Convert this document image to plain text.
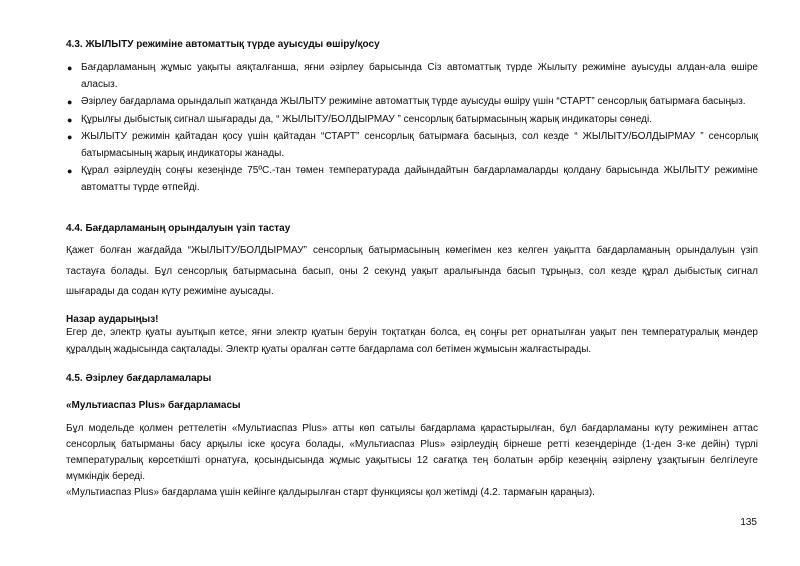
4.3. ЖЫЛЫТУ режиміне автоматтық түрде ауысуды өшіру/қосу
● Бағдарламаның жұмыс уақыты аяқталғанша, яғни әзірлеу барысында Сіз автоматтық түрде Жылыту режиміне ауысуды алдан-ала өшіре аласыз.
● Әзірлеу бағдарлама орындалып жатқанда ЖЫЛЫТУ режиміне автоматтық түрде ауысуды өшіру үшін “СТАРТ” сенсорлық батырмаға басыңыз.
● Құрылғы дыбыстық сигнал шығарады да, “ ЖЫЛЫТУ/БОЛДЫРМАУ ” сенсорлық батырмасының жарық индикаторы сөнеді.
● ЖЫЛЫТУ режимін қайтадан қосу үшін қайтадан “СТАРТ” сенсорлық батырмаға басыңыз, сол кезде “ ЖЫЛЫТУ/БОЛДЫРМАУ ” сенсорлық батырмасының жарық индикаторы жанады.
● Құрал әзірлеудің соңғы кезеңінде 75ºС.-тан төмен температурада дайындайтын бағдарламаларды қолдану барысында ЖЫЛЫТУ режиміне автоматты түрде өтпейді.
4.4. Бағдарламаның орындалуын үзіп тастау

Қажет болған жағдайда “ЖЫЛЫТУ/БОЛДЫРМАУ” сенсорлық батырмасының көмегімен кез келген уақытта бағдарламаның орындалуын үзіп тастауға болады. Бұл сенсорлық батырмасына басып, оны 2 секунд уақыт аралығында басып тұрыңыз, сол кезде құрал дыбыстық сигнал шығарады да содан күту режиміне ауысады.

Назар аударыңыз!

Егер де, электр қуаты ауытқып кетсе, яғни электр қуатын беруін тоқтатқан болса, ең соңғы рет орнатылған уақыт пен температуралық мәндер құралдың жадысында сақталады. Электр қуаты оралған сәтте бағдарлама сол бетімен жұмысын жалғастырады.

4.5. Әзірлеу бағдарламалары
«Мультиаспаз Plus» бағдарламасы
Бұл модельде қолмен реттелетін «Мультиаспаз Plus» атты көп сатылы бағдарлама қарастырылған, бұл бағдарламаны күту режимінен аттас сенсорлық батырманы басу арқылы іске қосуға болады, «Мультиаспаз Plus» әзірлеудің бірнеше ретті кезеңдерінде (1-ден 3-ке дейін) түрлі температуралық көрсеткішті орнатуға, қосындысында жұмыс уақытысы 12 сағатқа тең болатын әрбір кезеңнің әзірлену ұзақтығын белгілеуге мүмкіндік береді.
«Мультиаспаз Plus» бағдарлама үшін кейінге қалдырылған старт функциясы қол жетімді (4.2. тармағын қараңыз).
135
